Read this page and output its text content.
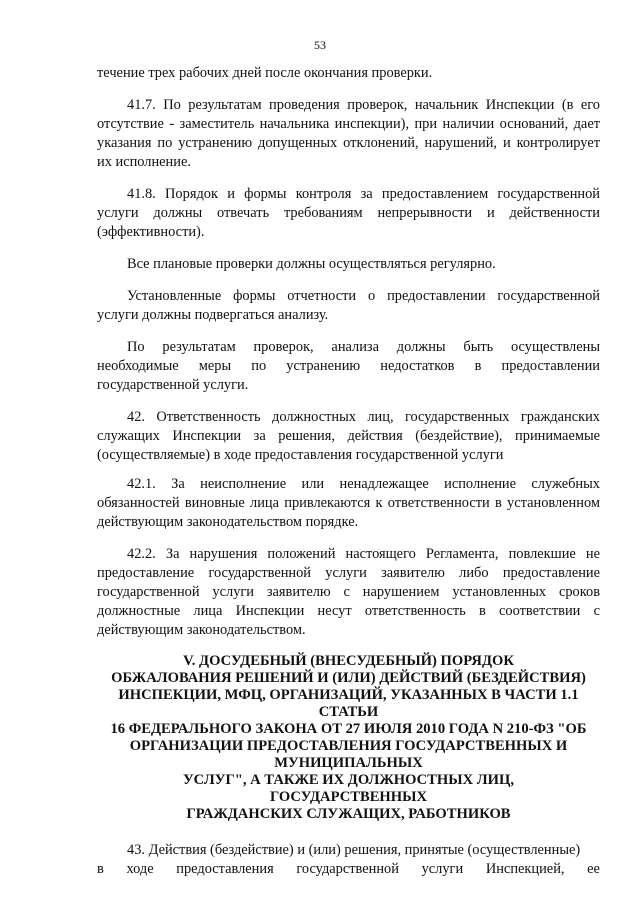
53

течение трех рабочих дней после окончания проверки.

41.7. По результатам проведения проверок, начальник Инспекции (в его отсутствие - заместитель начальника инспекции), при наличии оснований, дает указания по устранению допущенных отклонений, нарушений, и контролирует их исполнение.

41.8. Порядок и формы контроля за предоставлением государственной услуги должны отвечать требованиям непрерывности и действенности (эффективности).

Все плановые проверки должны осуществляться регулярно.

Установленные формы отчетности о предоставлении государственной услуги должны подвергаться анализу.

По результатам проверок, анализа должны быть осуществлены необходимые меры по устранению недостатков в предоставлении государственной услуги.

42. Ответственность должностных лиц, государственных гражданских служащих Инспекции за решения, действия (бездействие), принимаемые (осуществляемые) в ходе предоставления государственной услуги

42.1. За неисполнение или ненадлежащее исполнение служебных обязанностей виновные лица привлекаются к ответственности в установленном действующим законодательством порядке.

42.2. За нарушения положений настоящего Регламента, повлекшие не предоставление государственной услуги заявителю либо предоставление государственной услуги заявителю с нарушением установленных сроков должностные лица Инспекции несут ответственность в соответствии с действующим законодательством.

V. ДОСУДЕБНЫЙ (ВНЕСУДЕБНЫЙ) ПОРЯДОК
ОБЖАЛОВАНИЯ РЕШЕНИЙ И (ИЛИ) ДЕЙСТВИЙ (БЕЗДЕЙСТВИЯ)
ИНСПЕКЦИИ, МФЦ, ОРГАНИЗАЦИЙ, УКАЗАННЫХ В ЧАСТИ 1.1
СТАТЬИ
16 ФЕДЕРАЛЬНОГО ЗАКОНА ОТ 27 ИЮЛЯ 2010 ГОДА N 210-ФЗ "ОБ
ОРГАНИЗАЦИИ ПРЕДОСТАВЛЕНИЯ ГОСУДАРСТВЕННЫХ И
МУНИЦИПАЛЬНЫХ
УСЛУГ", А ТАКЖЕ ИХ ДОЛЖНОСТНЫХ ЛИЦ,
ГОСУДАРСТВЕННЫХ
ГРАЖДАНСКИХ СЛУЖАЩИХ, РАБОТНИКОВ

43. Действия (бездействие) и (или) решения, принятые (осуществленные)

в ходе предоставления государственной услуги Инспекцией, ее
